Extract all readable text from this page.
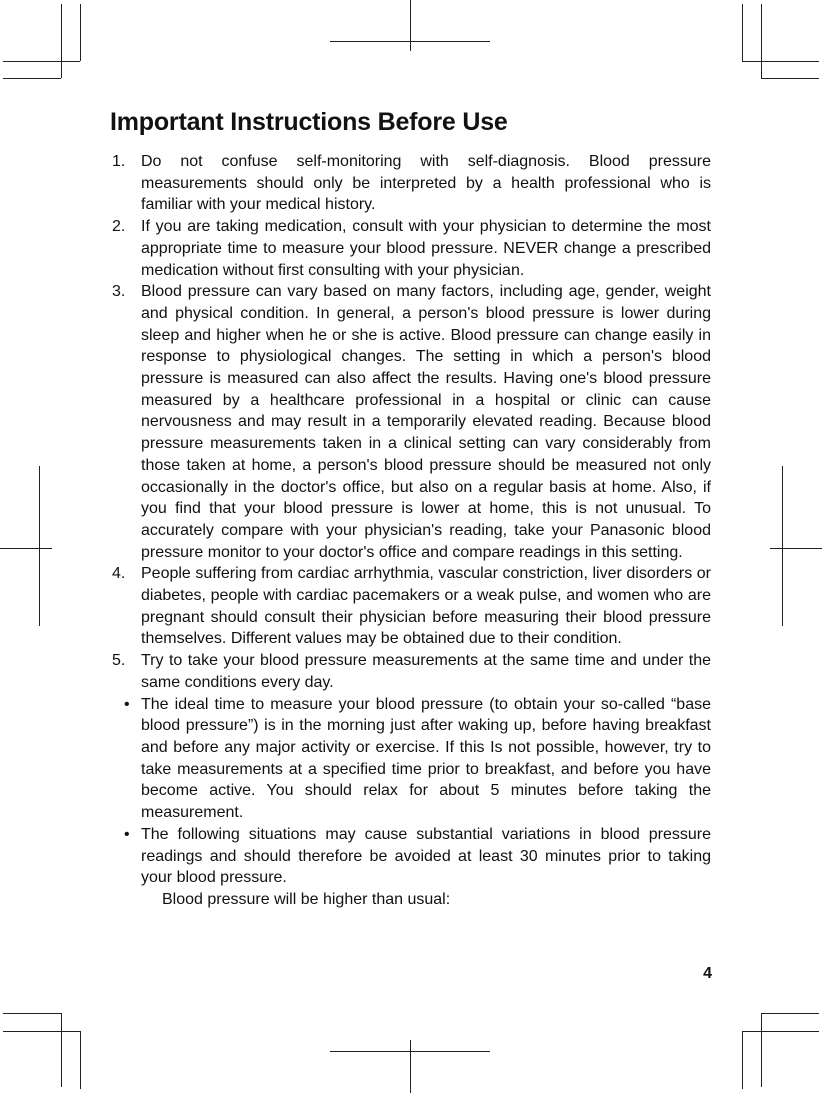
Important Instructions Before Use
1. Do not confuse self-monitoring with self-diagnosis. Blood pressure measurements should only be interpreted by a health professional who is familiar with your medical history.
2. If you are taking medication, consult with your physician to determine the most appropriate time to measure your blood pressure. NEVER change a prescribed medication without first consulting with your physician.
3. Blood pressure can vary based on many factors, including age, gender, weight and physical condition. In general, a person's blood pressure is lower during sleep and higher when he or she is active. Blood pressure can change easily in response to physiological changes. The setting in which a person's blood pressure is measured can also affect the results. Having one's blood pressure measured by a healthcare professional in a hospital or clinic can cause nervousness and may result in a temporarily elevated reading. Because blood pressure measurements taken in a clinical setting can vary considerably from those taken at home, a person's blood pressure should be measured not only occasionally in the doctor's office, but also on a regular basis at home. Also, if you find that your blood pressure is lower at home, this is not unusual. To accurately compare with your physician's reading, take your Panasonic blood pressure monitor to your doctor's office and compare readings in this setting.
4. People suffering from cardiac arrhythmia, vascular constriction, liver disorders or diabetes, people with cardiac pacemakers or a weak pulse, and women who are pregnant should consult their physician before measuring their blood pressure themselves. Different values may be obtained due to their condition.
5. Try to take your blood pressure measurements at the same time and under the same conditions every day.
• The ideal time to measure your blood pressure (to obtain your so-called “base blood pressure”) is in the morning just after waking up, before having breakfast and before any major activity or exercise. If this Is not possible, however, try to take measurements at a specified time prior to breakfast, and before you have become active. You should relax for about 5 minutes before taking the measurement.
• The following situations may cause substantial variations in blood pressure readings and should therefore be avoided at least 30 minutes prior to taking your blood pressure.
Blood pressure will be higher than usual:
4
